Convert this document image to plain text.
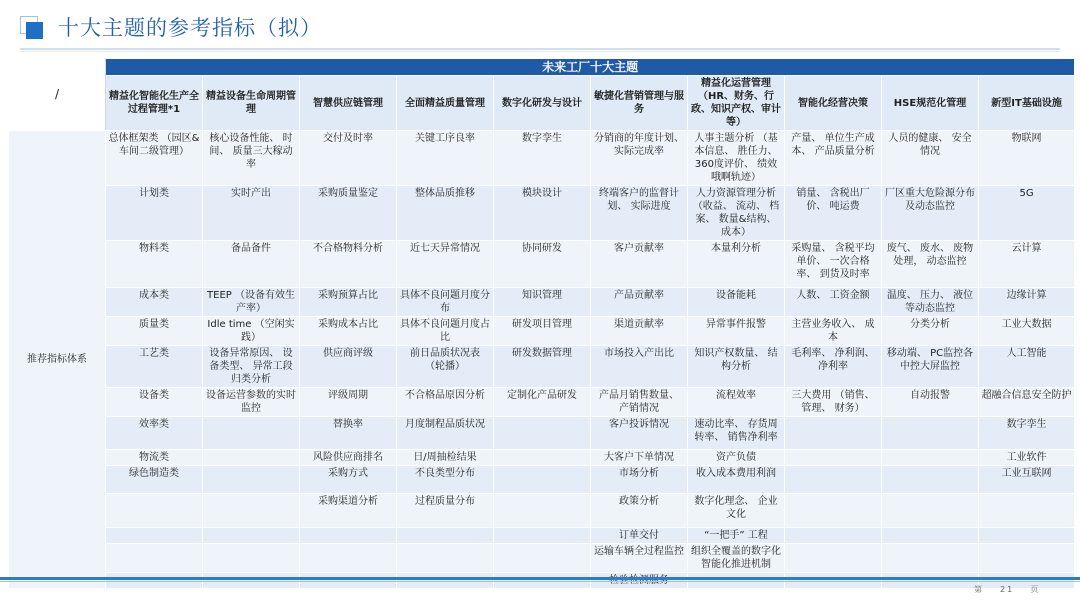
十大主题的参考指标（拟）
/	未来工厂十大主题									
	精益化智能化生产全过程管理*1	精益设备生命周期管理	智慧供应链管理	全面精益质量管理	数字化研发与设计	敏捷化营销管理与服务	精益化运营管理（HR、财务、行政、知识产权、审计等）	智能化经营决策	HSE规范化管理	新型IT基础设施
推荐指标体系	总体框架类 （园区&车间二级管理）	核心设备性能、 时间、 质量三大稼动率	交付及时率	关键工序良率	数字孪生	分销商的年度计划、 实际完成率	人事主题分析 （基本信息、 胜任力、 360度评价、 绩效哦啊轨迹）	产量、 单位生产成本、 产品质量分析	人员的健康、 安全情况	物联网
	计划类	实时产出	采购质量鉴定	整体品质推移	模块设计	终端客户的监督计划、 实际进度	人力资源管理分析 （收益、 流动、 档案、 数量&结构、 成本）	销量、 含税出厂价、 吨运费	厂区重大危险源分布及动态监控	5G
	物料类	备品备件	不合格物料分析	近七天异常情况	协同研发	客户贡献率	本量利分析	采购量、 含税平均单价、 一次合格率、 到货及时率	废气、 废水、 废物处理， 动态监控	云计算
	成本类	TEEP （设备有效生产率）	采购预算占比	具体不良问题月度分布	知识管理	产品贡献率	设备能耗	人数、 工资金额	温度、 压力、 液位等动态监控	边缘计算
	质量类	Idle time （空闲实践）	采购成本占比	具体不良问题月度占比	研发项目管理	渠道贡献率	异常事件报警	主营业务收入、 成本	分类分析	工业大数据
	工艺类	设备异常原因、 设备类型、 异常工段归类分析	供应商评级	前日品质状况表 （轮播）	研发数据管理	市场投入产出比	知识产权数量、 结构分析	毛利率、 净利润、 净利率	移动端、 PC监控各中控大屏监控	人工智能
	设备类	设备运营参数的实时监控	评级周期	不合格品原因分析	定制化产品研发	产品月销售数量、 产销情况	流程效率	三大费用 （销售、 管理、 财务）	自动报警	超融合信息安全防护
	效率类		替换率	月度制程品质状况		客户投诉情况	速动比率、 存货周转率、 销售净利率			数字孪生
	物流类		风险供应商排名	日/周抽检结果		大客户下单情况	资产负债			工业软件
	绿色制造类		采购方式	不良类型分布		市场分析	收入成本费用利润			工业互联网
			采购渠道分析	过程质量分布		政策分析	数字化理念、 企业文化			
						订单交付	“一把手” 工程			
						运输车辆全过程监控	组织全覆盖的数字化智能化推进机制			

第 21 页
